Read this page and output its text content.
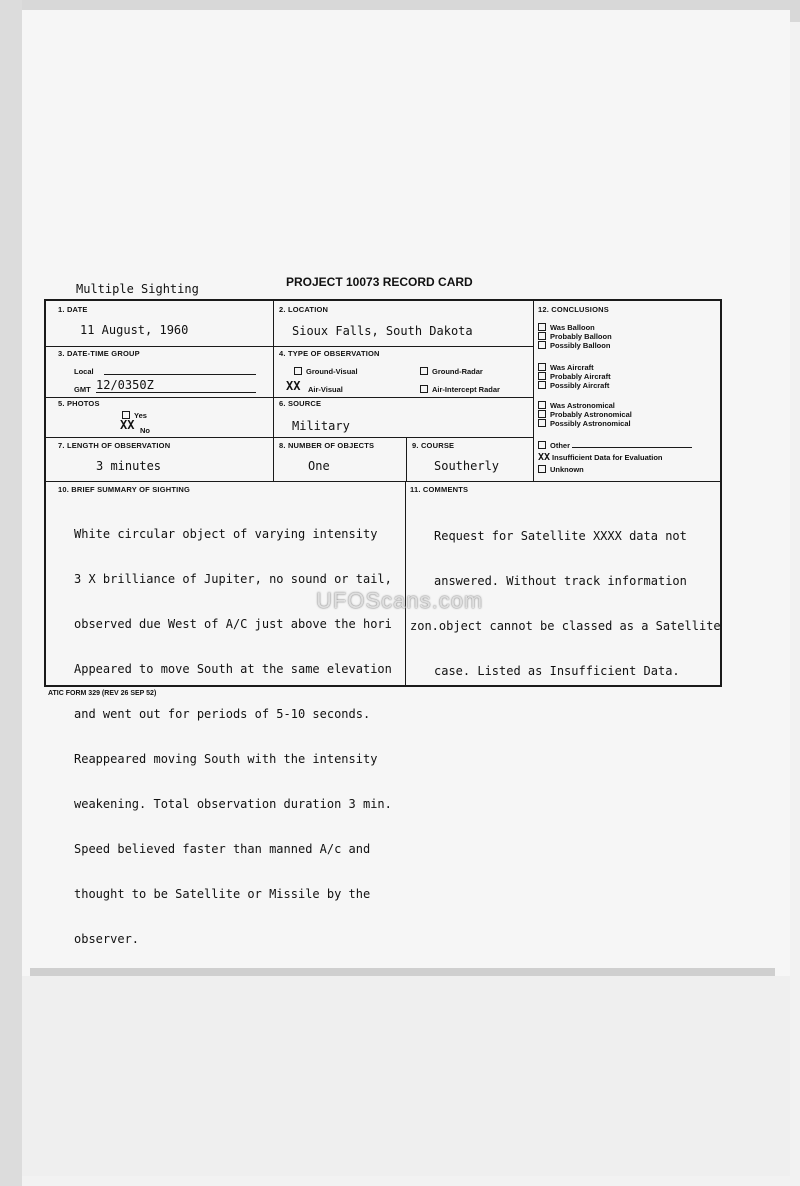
Multiple Sighting	PROJECT 10073 RECORD CARD
1. DATE
11 August, 1960
2. LOCATION
Sioux Falls, South Dakota
3. DATE-TIME GROUP
Local
GMT 12/0350Z
4. TYPE OF OBSERVATION
Ground-Visual	Ground-Radar
XX Air-Visual	Air-Intercept Radar
5. PHOTOS
Yes
XX No
6. SOURCE
Military
7. LENGTH OF OBSERVATION
3 minutes
8. NUMBER OF OBJECTS
One
9. COURSE
Southerly
10. BRIEF SUMMARY OF SIGHTING

White circular object of varying intensity

3 X brilliance of Jupiter, no sound or tail,

observed due West of A/C just above the hori

Appeared to move South at the same elevation

and went out for periods of 5-10 seconds.

Reappeared moving South with the intensity

weakening. Total observation duration 3 min.

Speed believed faster than manned A/c and

thought to be Satellite or Missile by the

observer.

11. COMMENTS

Request for Satellite XXXX data not

answered. Without track information

zon.object cannot be classed as a Satellite

case. Listed as Insufficient Data.

12. CONCLUSIONS
Was Balloon
Probably Balloon
Possibly Balloon
Was Aircraft
Probably Aircraft
Possibly Aircraft
Was Astronomical
Probably Astronomical
Possibly Astronomical
Other
XX Insufficient Data for Evaluation
Unknown
UFOScans.com
ATIC FORM 329 (REV 26 SEP 52)
